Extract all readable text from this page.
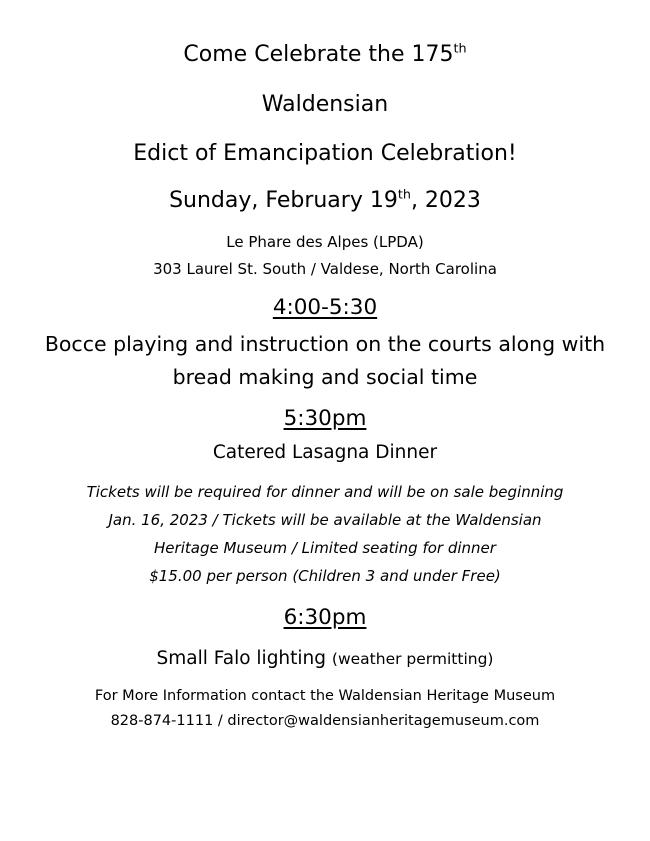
Come Celebrate the 175th
Waldensian
Edict of Emancipation Celebration!
Sunday, February 19th, 2023
Le Phare des Alpes (LPDA)
303 Laurel St. South / Valdese, North Carolina
4:00-5:30
Bocce playing and instruction on the courts along with
bread making and social time
5:30pm
Catered Lasagna Dinner
Tickets will be required for dinner and will be on sale beginning
Jan. 16, 2023 / Tickets will be available at the Waldensian
Heritage Museum / Limited seating for dinner
$15.00 per person (Children 3 and under Free)
6:30pm
Small Falo lighting (weather permitting)
For More Information contact the Waldensian Heritage Museum
828-874-1111 / director@waldensianheritagemuseum.com
